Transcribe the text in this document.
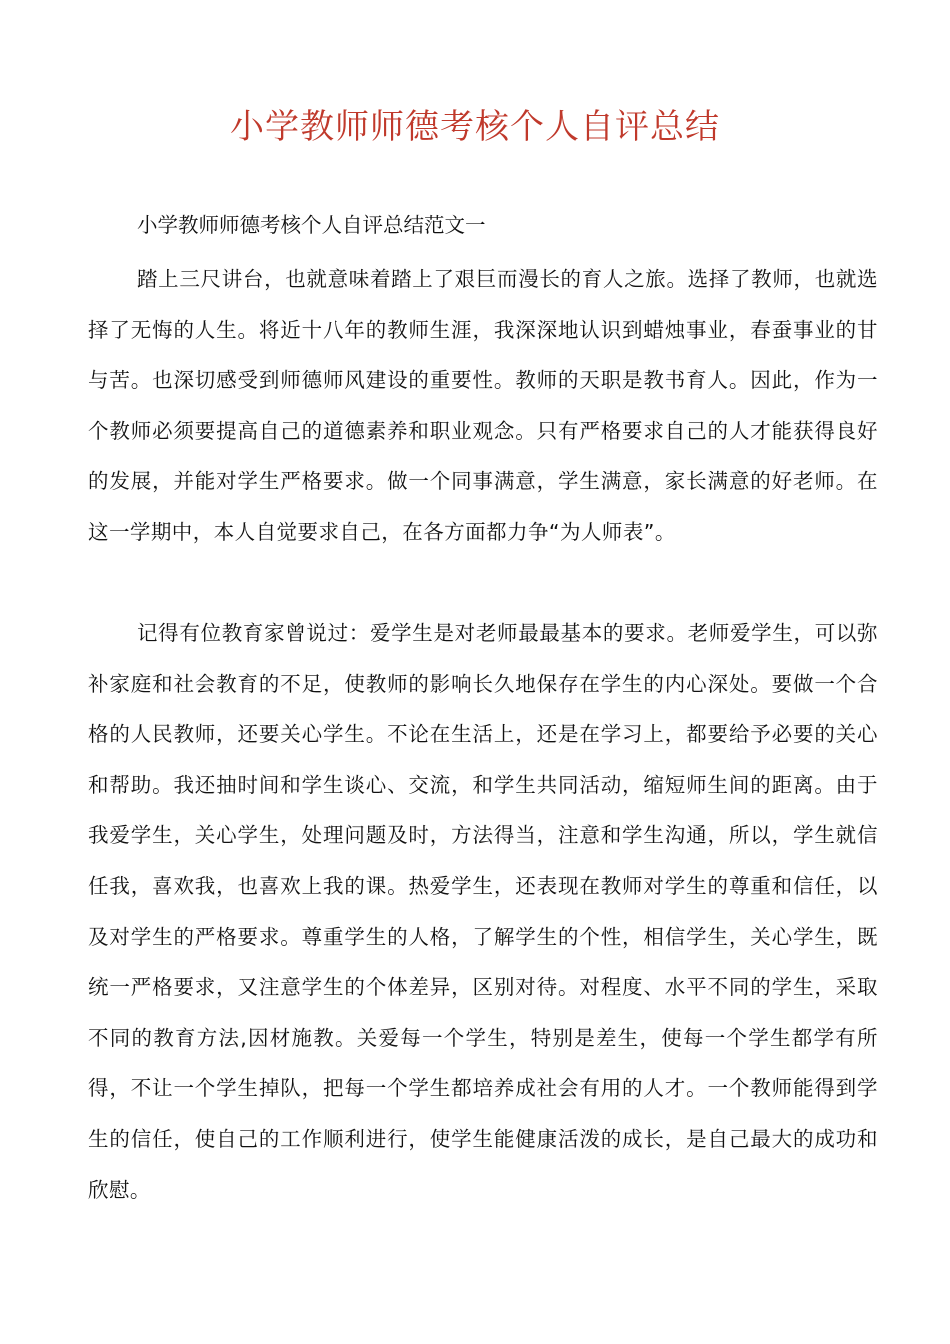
小学教师师德考核个人自评总结

小学教师师德考核个人自评总结范文一

踏上三尺讲台，也就意味着踏上了艰巨而漫长的育人之旅。选择了教师，也就选择了无悔的人生。将近十八年的教师生涯，我深深地认识到蜡烛事业，春蚕事业的甘与苦。也深切感受到师德师风建设的重要性。教师的天职是教书育人。因此，作为一个教师必须要提高自己的道德素养和职业观念。只有严格要求自己的人才能获得良好的发展，并能对学生严格要求。做一个同事满意，学生满意，家长满意的好老师。在这一学期中，本人自觉要求自己，在各方面都力争“为人师表”。

记得有位教育家曾说过：爱学生是对老师最最基本的要求。老师爱学生，可以弥补家庭和社会教育的不足，使教师的影响长久地保存在学生的内心深处。要做一个合格的人民教师，还要关心学生。不论在生活上，还是在学习上，都要给予必要的关心和帮助。我还抽时间和学生谈心、交流，和学生共同活动，缩短师生间的距离。由于我爱学生，关心学生，处理问题及时，方法得当，注意和学生沟通，所以，学生就信任我，喜欢我，也喜欢上我的课。热爱学生，还表现在教师对学生的尊重和信任，以及对学生的严格要求。尊重学生的人格，了解学生的个性，相信学生，关心学生，既统一严格要求，又注意学生的个体差异，区别对待。对程度、水平不同的学生，采取不同的教育方法,因材施教。关爱每一个学生，特别是差生，使每一个学生都学有所得，不让一个学生掉队，把每一个学生都培养成社会有用的人才。一个教师能得到学生的信任，使自己的工作顺利进行，使学生能健康活泼的成长，是自己最大的成功和欣慰。
